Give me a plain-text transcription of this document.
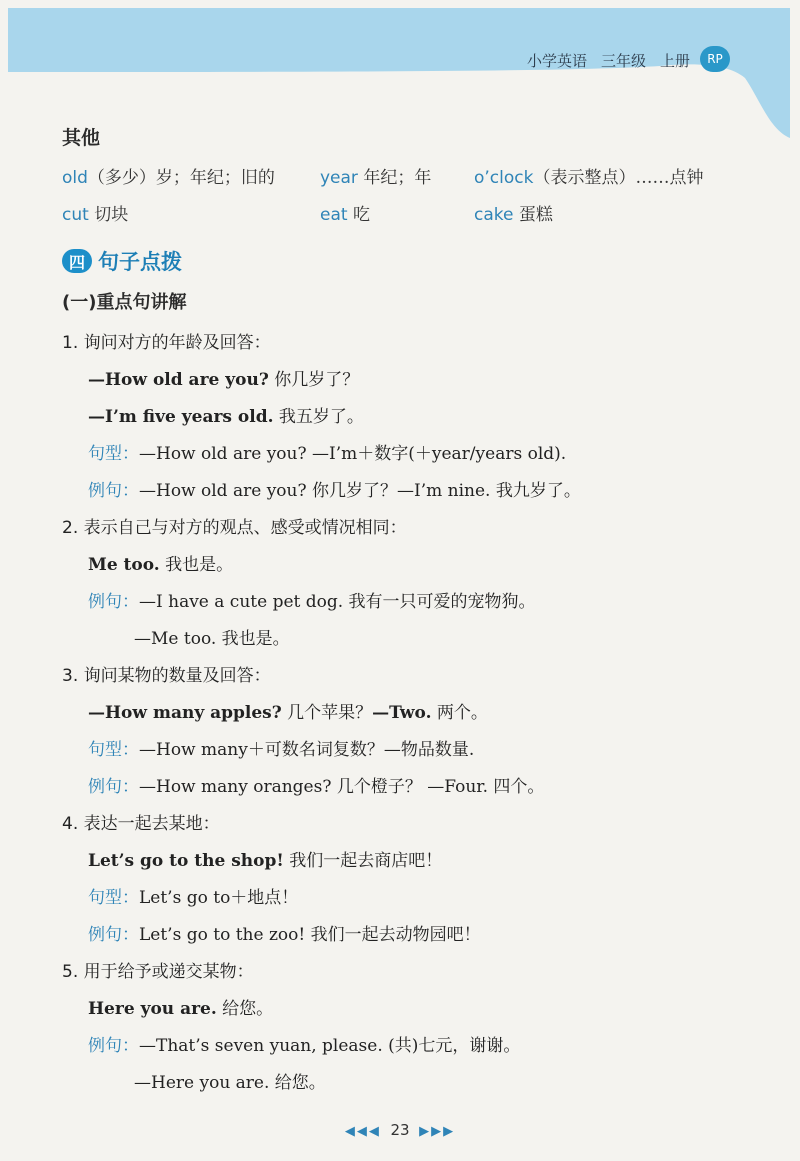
小学英语 三年级 上册	RP
其他
old（多少）岁；年纪；旧的	year 年纪；年	o’clock（表示整点）……点钟
cut 切块	eat 吃	cake 蛋糕
四 句子点拨
(一)重点句讲解
1. 询问对方的年龄及回答：
—How old are you? 你几岁了？
—I’m five years old. 我五岁了。
句型：—How old are you? —I’m＋数字(＋year/years old).
例句：—How old are you? 你几岁了？—I’m nine. 我九岁了。
2. 表示自己与对方的观点、感受或情况相同：
Me too. 我也是。
例句：—I have a cute pet dog. 我有一只可爱的宠物狗。
—Me too. 我也是。
3. 询问某物的数量及回答：
—How many apples? 几个苹果？—Two. 两个。
句型：—How many＋可数名词复数？—物品数量.
例句：—How many oranges? 几个橙子？ —Four. 四个。
4. 表达一起去某地：
Let’s go to the shop! 我们一起去商店吧！
句型：Let’s go to＋地点！
例句：Let’s go to the zoo! 我们一起去动物园吧！
5. 用于给予或递交某物：
Here you are. 给您。
例句：—That’s seven yuan, please. (共)七元，谢谢。
—Here you are. 给您。
◀◀◀ 23 ▶▶▶
